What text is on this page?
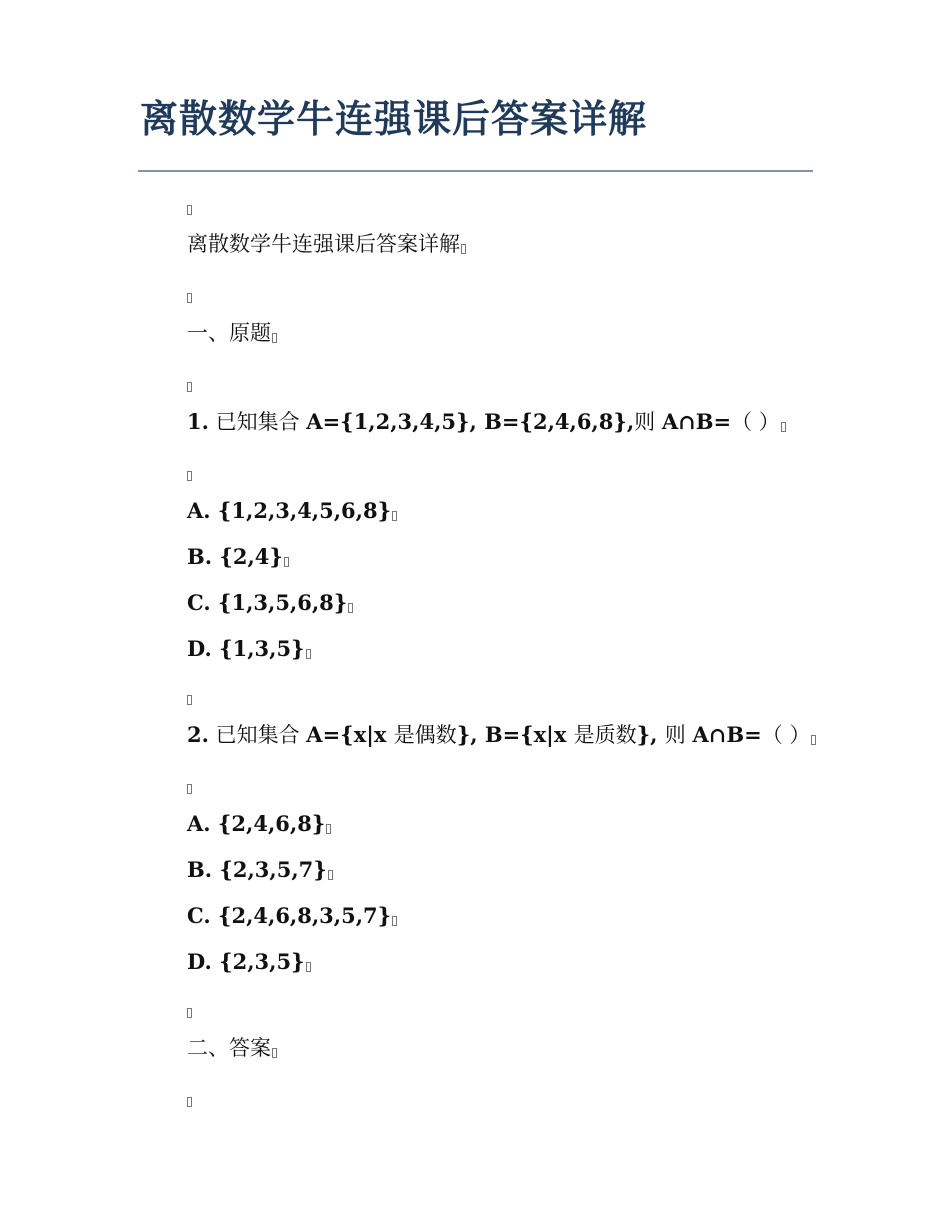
离散数学牛连强课后答案详解
离散数学牛连强课后答案详解
一、原题
1. 已知集合 A={1,2,3,4,5}, B={2,4,6,8},则 A∩B=（ ）
A. {1,2,3,4,5,6,8}
B. {2,4}
C. {1,3,5,6,8}
D. {1,3,5}
2. 已知集合 A={x|x 是偶数}, B={x|x 是质数}, 则 A∩B=（ ）
A. {2,4,6,8}
B. {2,3,5,7}
C. {2,4,6,8,3,5,7}
D. {2,3,5}
二、答案
